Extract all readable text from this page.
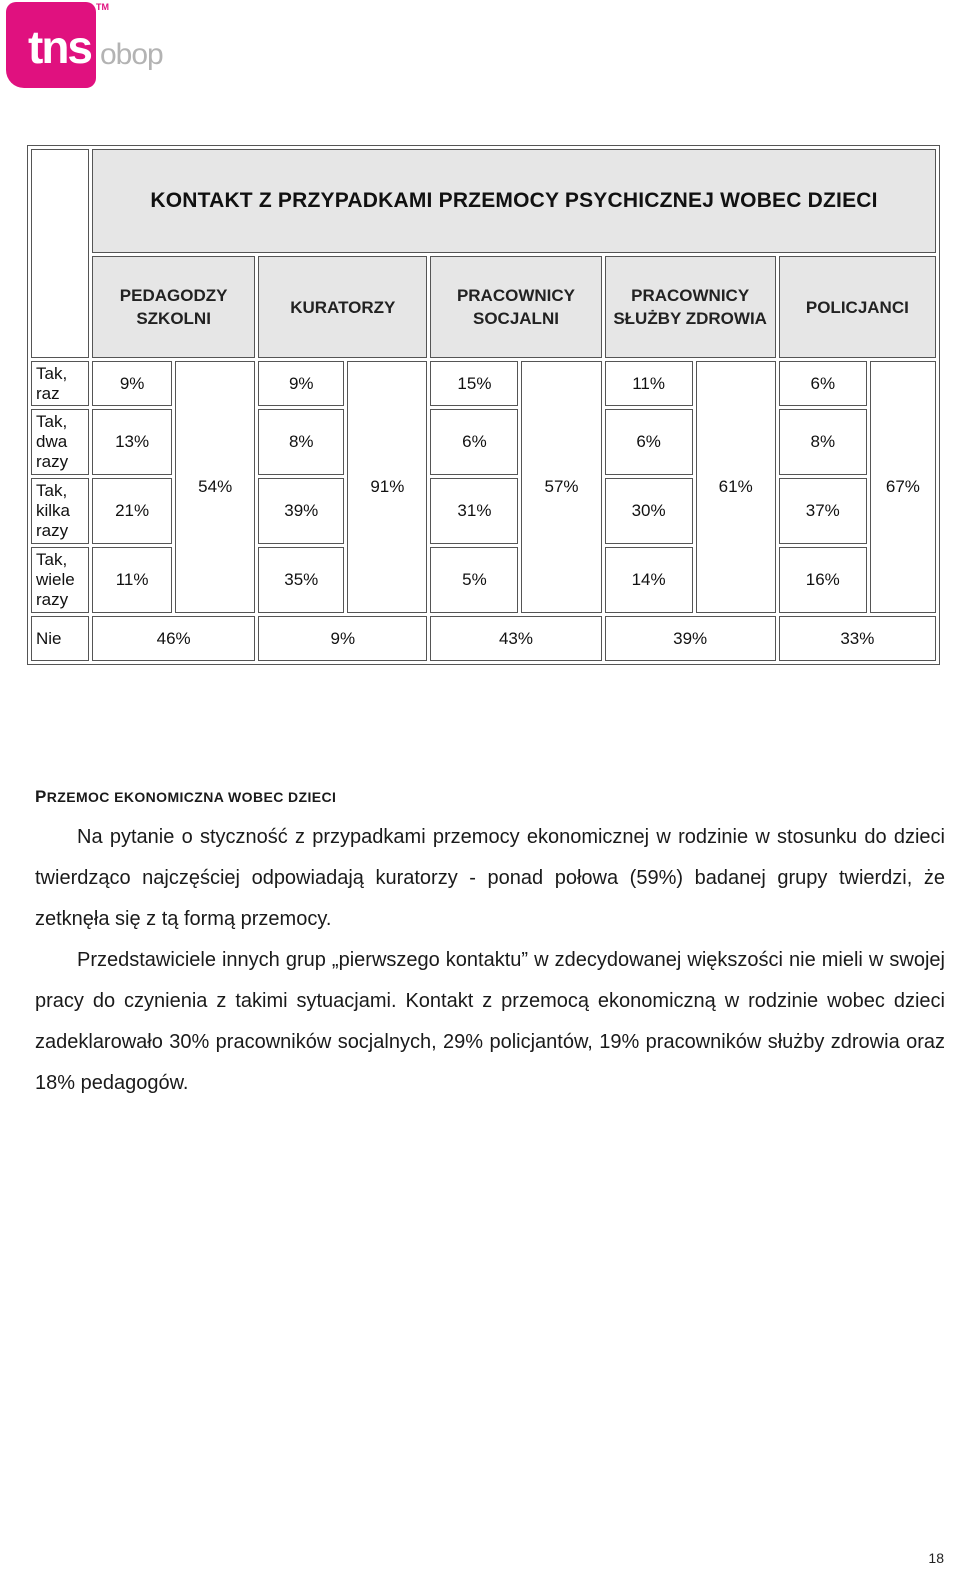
tns
TM
obop
	KONTAKT Z PRZYPADKAMI PRZEMOCY PSYCHICZNEJ WOBEC DZIECI									
	PEDAGODZY SZKOLNI		KURATORZY		PRACOWNICY SOCJALNI		PRACOWNICY SŁUŻBY ZDROWIA		POLICJANCI	

Tak, raz	9%	54%	9%	91%	15%	57%	11%	61%	6%	67%

Tak, dwa razy	13%		8%		6%		6%		8%	

Tak, kilka razy	21%		39%		31%		30%		37%	

Tak, wiele razy	11%		35%		5%		14%		16%	
Nie	46%		9%		43%		39%		33%	
PRZEMOC EKONOMICZNA WOBEC DZIECI

Na pytanie o styczność z przypadkami przemocy ekonomicznej w rodzinie w stosunku do dzieci twierdząco najczęściej odpowiadają kuratorzy - ponad połowa (59%) badanej grupy twierdzi, że zetknęła się z tą formą przemocy.

Przedstawiciele innych grup „pierwszego kontaktu” w zdecydowanej większości nie mieli w swojej pracy do czynienia z takimi sytuacjami. Kontakt z przemocą ekonomiczną w rodzinie wobec dzieci zadeklarowało 30% pracowników socjalnych, 29% policjantów, 19% pracowników służby zdrowia oraz 18% pedagogów.

18
